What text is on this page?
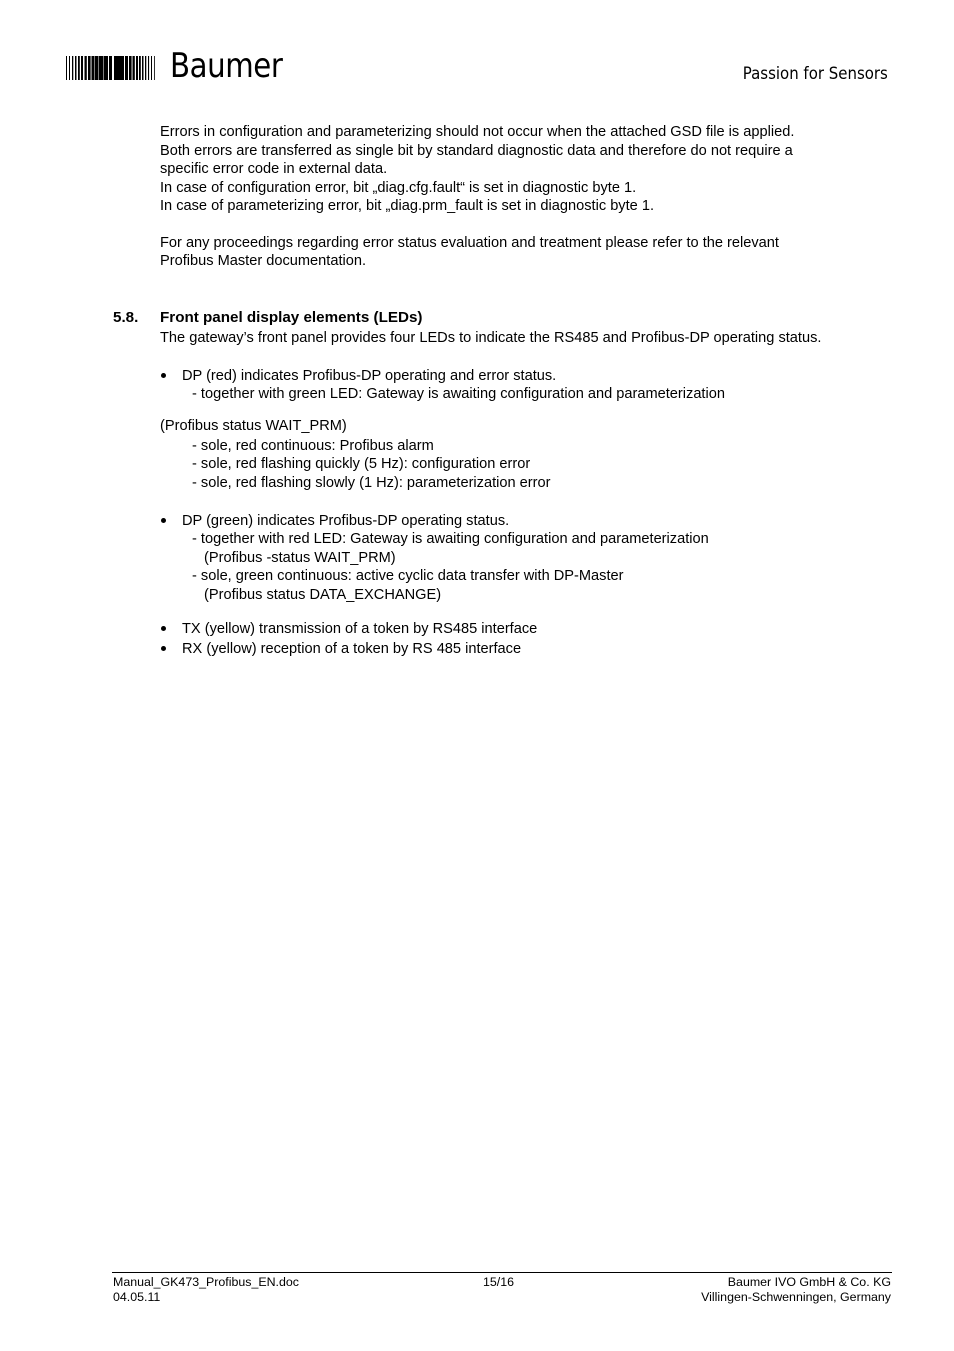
Baumer	Passion for Sensors
Errors in configuration and parameterizing should not occur when the attached GSD file is applied.
Both errors are transferred as single bit by standard diagnostic data and therefore do not require a
specific error code in external data.
In case of configuration error, bit „diag.cfg.fault“ is set in diagnostic byte 1.
In case of parameterizing error, bit „diag.prm_fault is set in diagnostic byte 1.
For any proceedings regarding error status evaluation and treatment please refer to the relevant
Profibus Master documentation.
5.8. Front panel display elements (LEDs)
The gateway’s front panel provides four LEDs to indicate the RS485 and Profibus-DP operating status.
DP (red) indicates Profibus-DP operating and error status.
- together with green LED: Gateway is awaiting configuration and parameterization
(Profibus status WAIT_PRM)
- sole, red continuous: Profibus alarm
- sole, red flashing quickly (5 Hz): configuration error
- sole, red flashing slowly (1 Hz): parameterization error
DP (green) indicates Profibus-DP operating status.
- together with red LED: Gateway is awaiting configuration and parameterization
(Profibus -status WAIT_PRM)
- sole, green continuous: active cyclic data transfer with DP-Master
(Profibus status DATA_EXCHANGE)
TX (yellow) transmission of a token by RS485 interface
RX (yellow) reception of a token by RS 485 interface
Manual_GK473_Profibus_EN.doc
04.05.11
15/16	Baumer IVO GmbH & Co. KG
Villingen-Schwenningen, Germany
